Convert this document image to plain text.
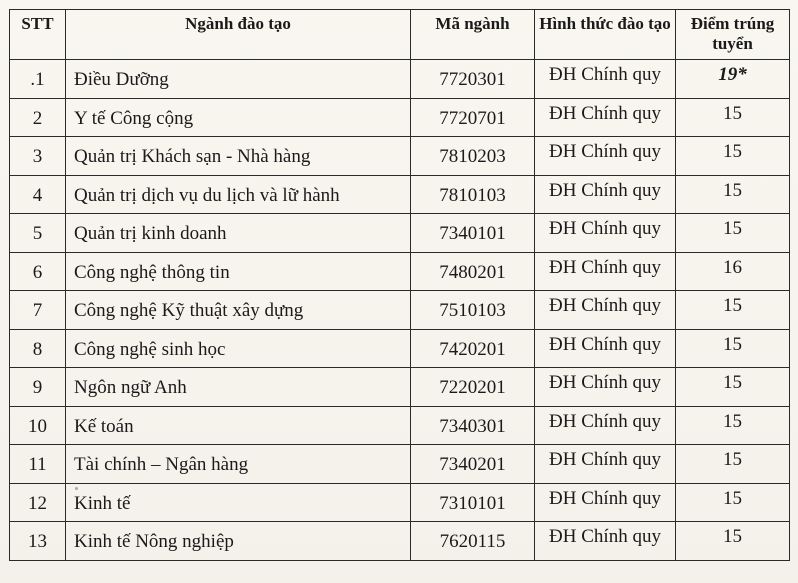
STT	Ngành đào tạo	Mã ngành	Hình thức đào tạo	Điểm trúng tuyển

.1	Điều Dưỡng	7720301	ĐH Chính quy	19*

2	Y tế Công cộng	7720701	ĐH Chính quy	15

3	Quản trị Khách sạn - Nhà hàng	7810203	ĐH Chính quy	15

4	Quản trị dịch vụ du lịch và lữ hành	7810103	ĐH Chính quy	15

5	Quản trị kinh doanh	7340101	ĐH Chính quy	15

6	Công nghệ thông tin	7480201	ĐH Chính quy	16

7	Công nghệ Kỹ thuật xây dựng	7510103	ĐH Chính quy	15

8	Công nghệ sinh học	7420201	ĐH Chính quy	15

9	Ngôn ngữ Anh	7220201	ĐH Chính quy	15

10	Kế toán	7340301	ĐH Chính quy	15

11	Tài chính – Ngân hàng	7340201	ĐH Chính quy	15

12	Kinh tế	7310101	ĐH Chính quy	15

13	Kinh tế Nông nghiệp	7620115	ĐH Chính quy	15
